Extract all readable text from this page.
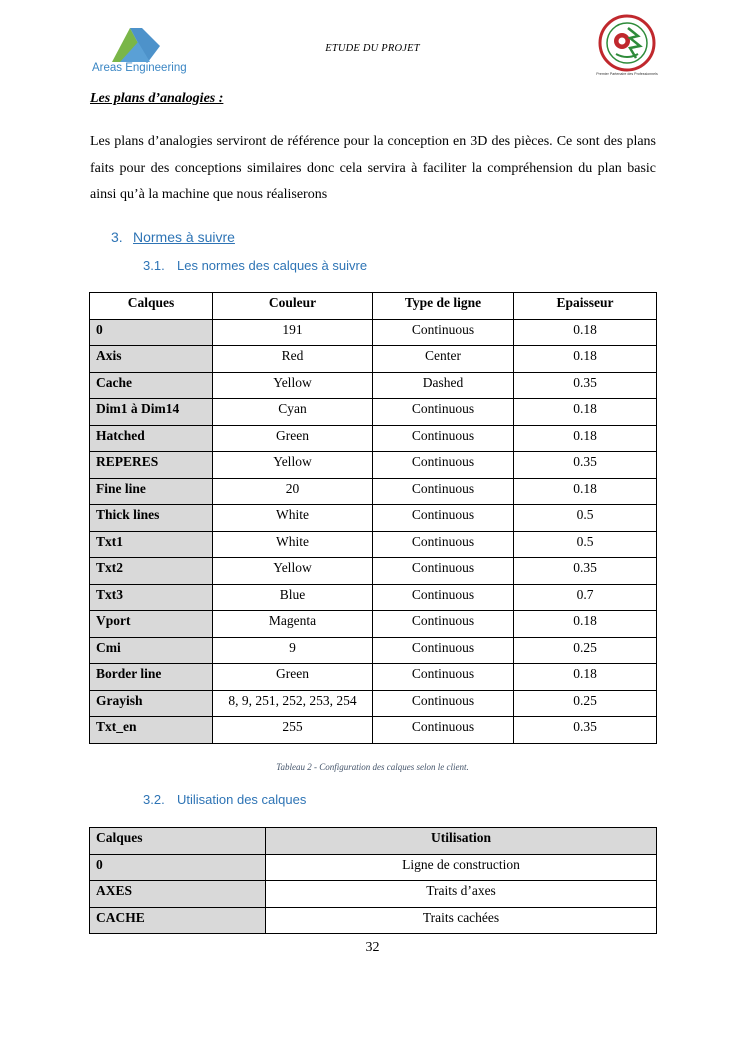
Areas Engineering
ETUDE DU PROJET
Premier Partenaire des Professionnels
Les plans d’analogies :
Les plans d’analogies serviront de référence pour la conception en 3D des pièces. Ce sont des plans faits pour des conceptions similaires donc cela servira à faciliter la compréhension du plan basic ainsi qu’à la machine que nous réaliserons
3. Normes à suivre
3.1. Les normes des calques à suivre
Calques	Couleur	Type de ligne	Epaisseur
0	191	Continuous	0.18
Axis	Red	Center	0.18
Cache	Yellow	Dashed	0.35
Dim1 à Dim14	Cyan	Continuous	0.18
Hatched	Green	Continuous	0.18
REPERES	Yellow	Continuous	0.35
Fine line	20	Continuous	0.18
Thick lines	White	Continuous	0.5
Txt1	White	Continuous	0.5
Txt2	Yellow	Continuous	0.35
Txt3	Blue	Continuous	0.7
Vport	Magenta	Continuous	0.18
Cmi	9	Continuous	0.25
Border line	Green	Continuous	0.18
Grayish	8, 9, 251, 252, 253, 254	Continuous	0.25
Txt_en	255	Continuous	0.35
Tableau 2 - Configuration des calques selon le client.
3.2. Utilisation des calques
Calques	Utilisation
0	Ligne de construction
AXES	Traits d’axes
CACHE	Traits cachées
32
